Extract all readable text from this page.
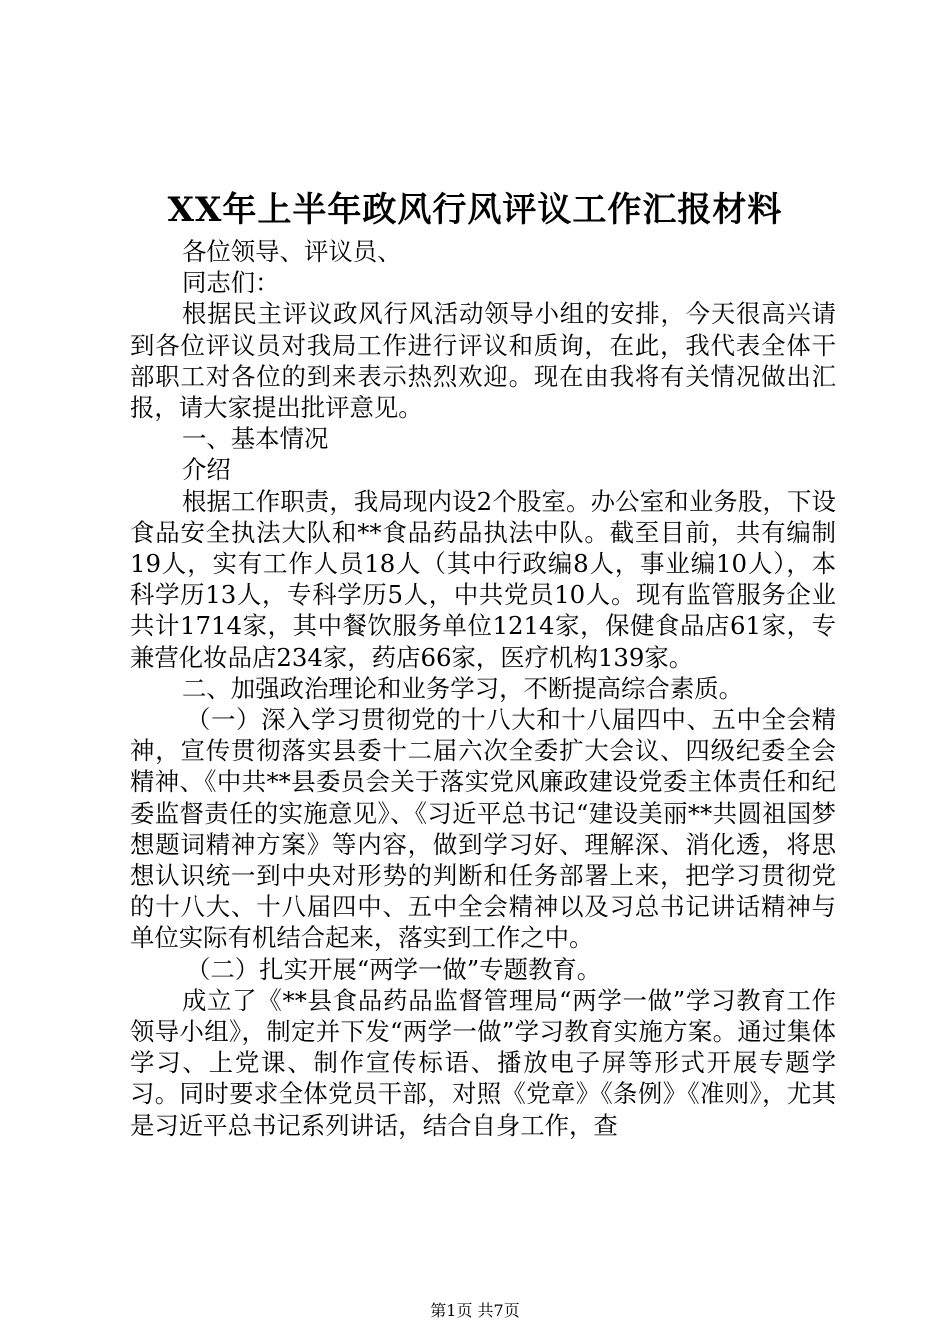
XX年上半年政风行风评议工作汇报材料

各位领导、评议员、

同志们：

根据民主评议政风行风活动领导小组的安排，今天很高兴请到各位评议员对我局工作进行评议和质询，在此，我代表全体干部职工对各位的到来表示热烈欢迎。现在由我将有关情况做出汇报，请大家提出批评意见。

一、基本情况

介绍

根据工作职责，我局现内设2个股室。办公室和业务股，下设食品安全执法大队和**食品药品执法中队。截至目前，共有编制19人，实有工作人员18人（其中行政编8人，事业编10人），本科学历13人，专科学历5人，中共党员10人。现有监管服务企业共计1714家，其中餐饮服务单位1214家，保健食品店61家，专兼营化妆品店234家，药店66家，医疗机构139家。

二、加强政治理论和业务学习，不断提高综合素质。

（一）深入学习贯彻党的十八大和十八届四中、五中全会精神，宣传贯彻落实县委十二届六次全委扩大会议、四级纪委全会精神、《中共**县委员会关于落实党风廉政建设党委主体责任和纪委监督责任的实施意见》、《习近平总书记“建设美丽**共圆祖国梦想题词精神方案》等内容，做到学习好、理解深、消化透，将思想认识统一到中央对形势的判断和任务部署上来，把学习贯彻党的十八大、十八届四中、五中全会精神以及习总书记讲话精神与单位实际有机结合起来，落实到工作之中。

（二）扎实开展“两学一做”专题教育。

成立了《**县食品药品监督管理局“两学一做”学习教育工作领导小组》，制定并下发“两学一做”学习教育实施方案。通过集体学习、上党课、制作宣传标语、播放电子屏等形式开展专题学习。同时要求全体党员干部，对照《党章》《条例》《准则》，尤其是习近平总书记系列讲话，结合自身工作，查

第1页 共7页
